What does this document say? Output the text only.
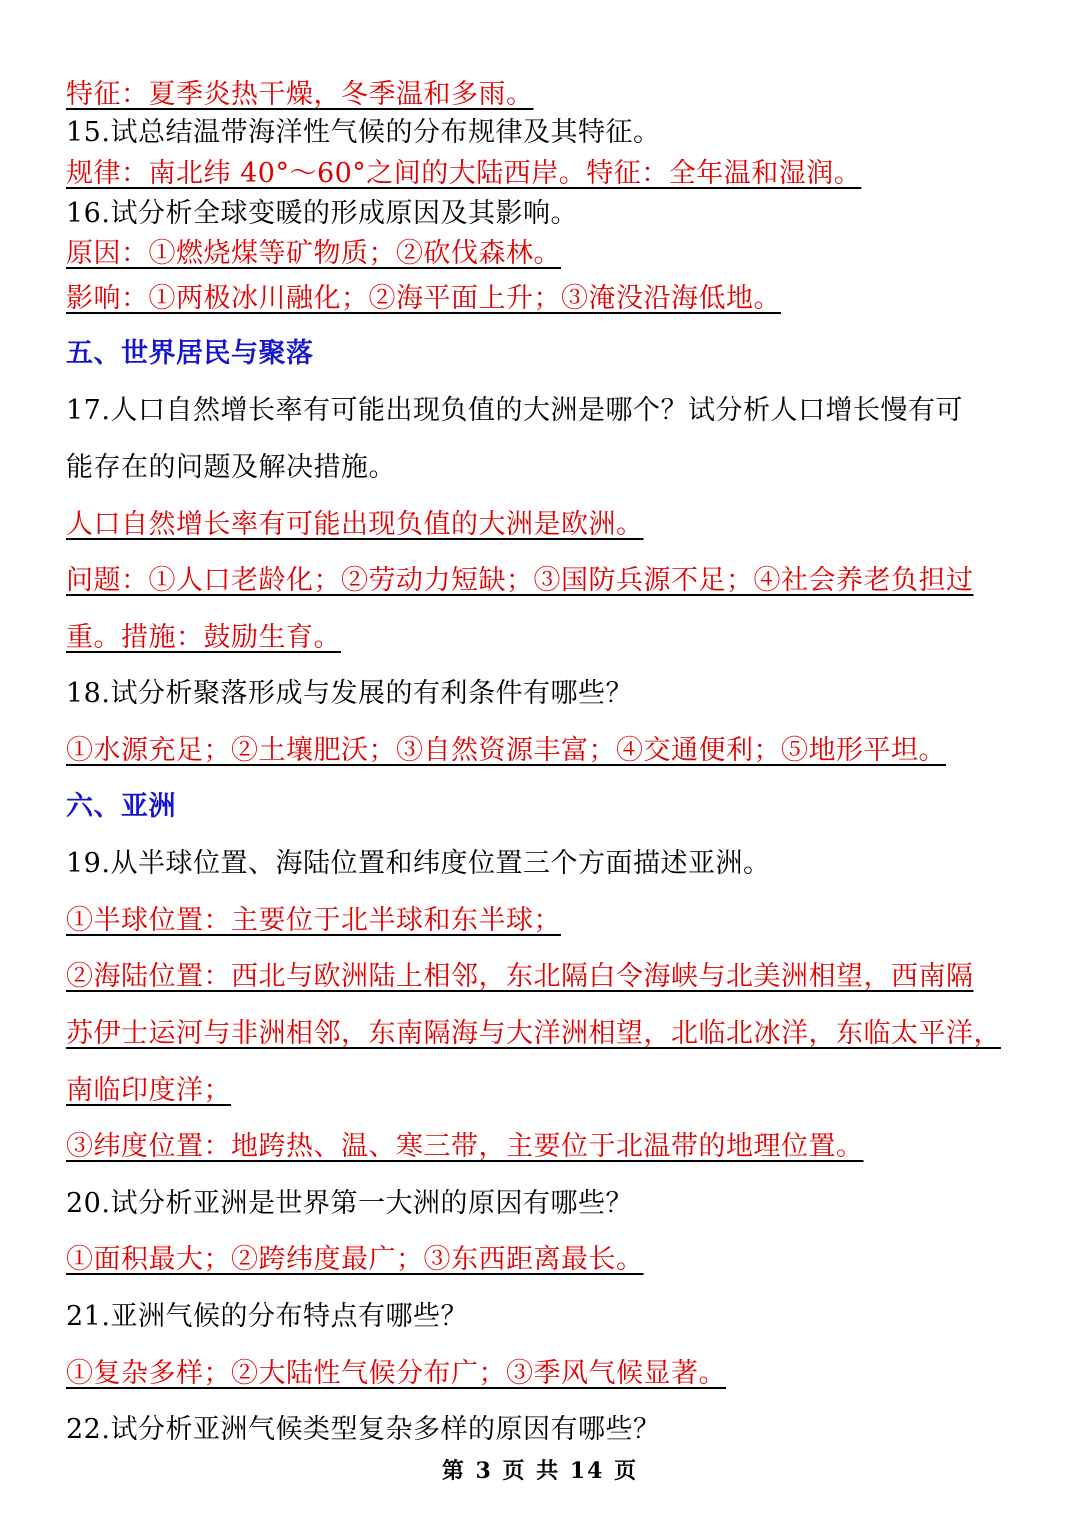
特征：夏季炎热干燥，冬季温和多雨。
15.试总结温带海洋性气候的分布规律及其特征。
规律：南北纬 40°～60°之间的大陆西岸。特征：全年温和湿润。
16.试分析全球变暖的形成原因及其影响。
原因：①燃烧煤等矿物质；②砍伐森林。
影响：①两极冰川融化；②海平面上升；③淹没沿海低地。
五、世界居民与聚落
17.人口自然增长率有可能出现负值的大洲是哪个？试分析人口增长慢有可
能存在的问题及解决措施。
人口自然增长率有可能出现负值的大洲是欧洲。
问题：①人口老龄化；②劳动力短缺；③国防兵源不足；④社会养老负担过
重。措施：鼓励生育。
18.试分析聚落形成与发展的有利条件有哪些？
①水源充足；②土壤肥沃；③自然资源丰富；④交通便利；⑤地形平坦。
六、亚洲
19.从半球位置、海陆位置和纬度位置三个方面描述亚洲。
①半球位置：主要位于北半球和东半球；
②海陆位置：西北与欧洲陆上相邻，东北隔白令海峡与北美洲相望，西南隔
苏伊士运河与非洲相邻，东南隔海与大洋洲相望，北临北冰洋，东临太平洋，
南临印度洋；
③纬度位置：地跨热、温、寒三带，主要位于北温带的地理位置。
20.试分析亚洲是世界第一大洲的原因有哪些？
①面积最大；②跨纬度最广；③东西距离最长。
21.亚洲气候的分布特点有哪些？
①复杂多样；②大陆性气候分布广；③季风气候显著。
22.试分析亚洲气候类型复杂多样的原因有哪些？
第 3 页 共 14 页
